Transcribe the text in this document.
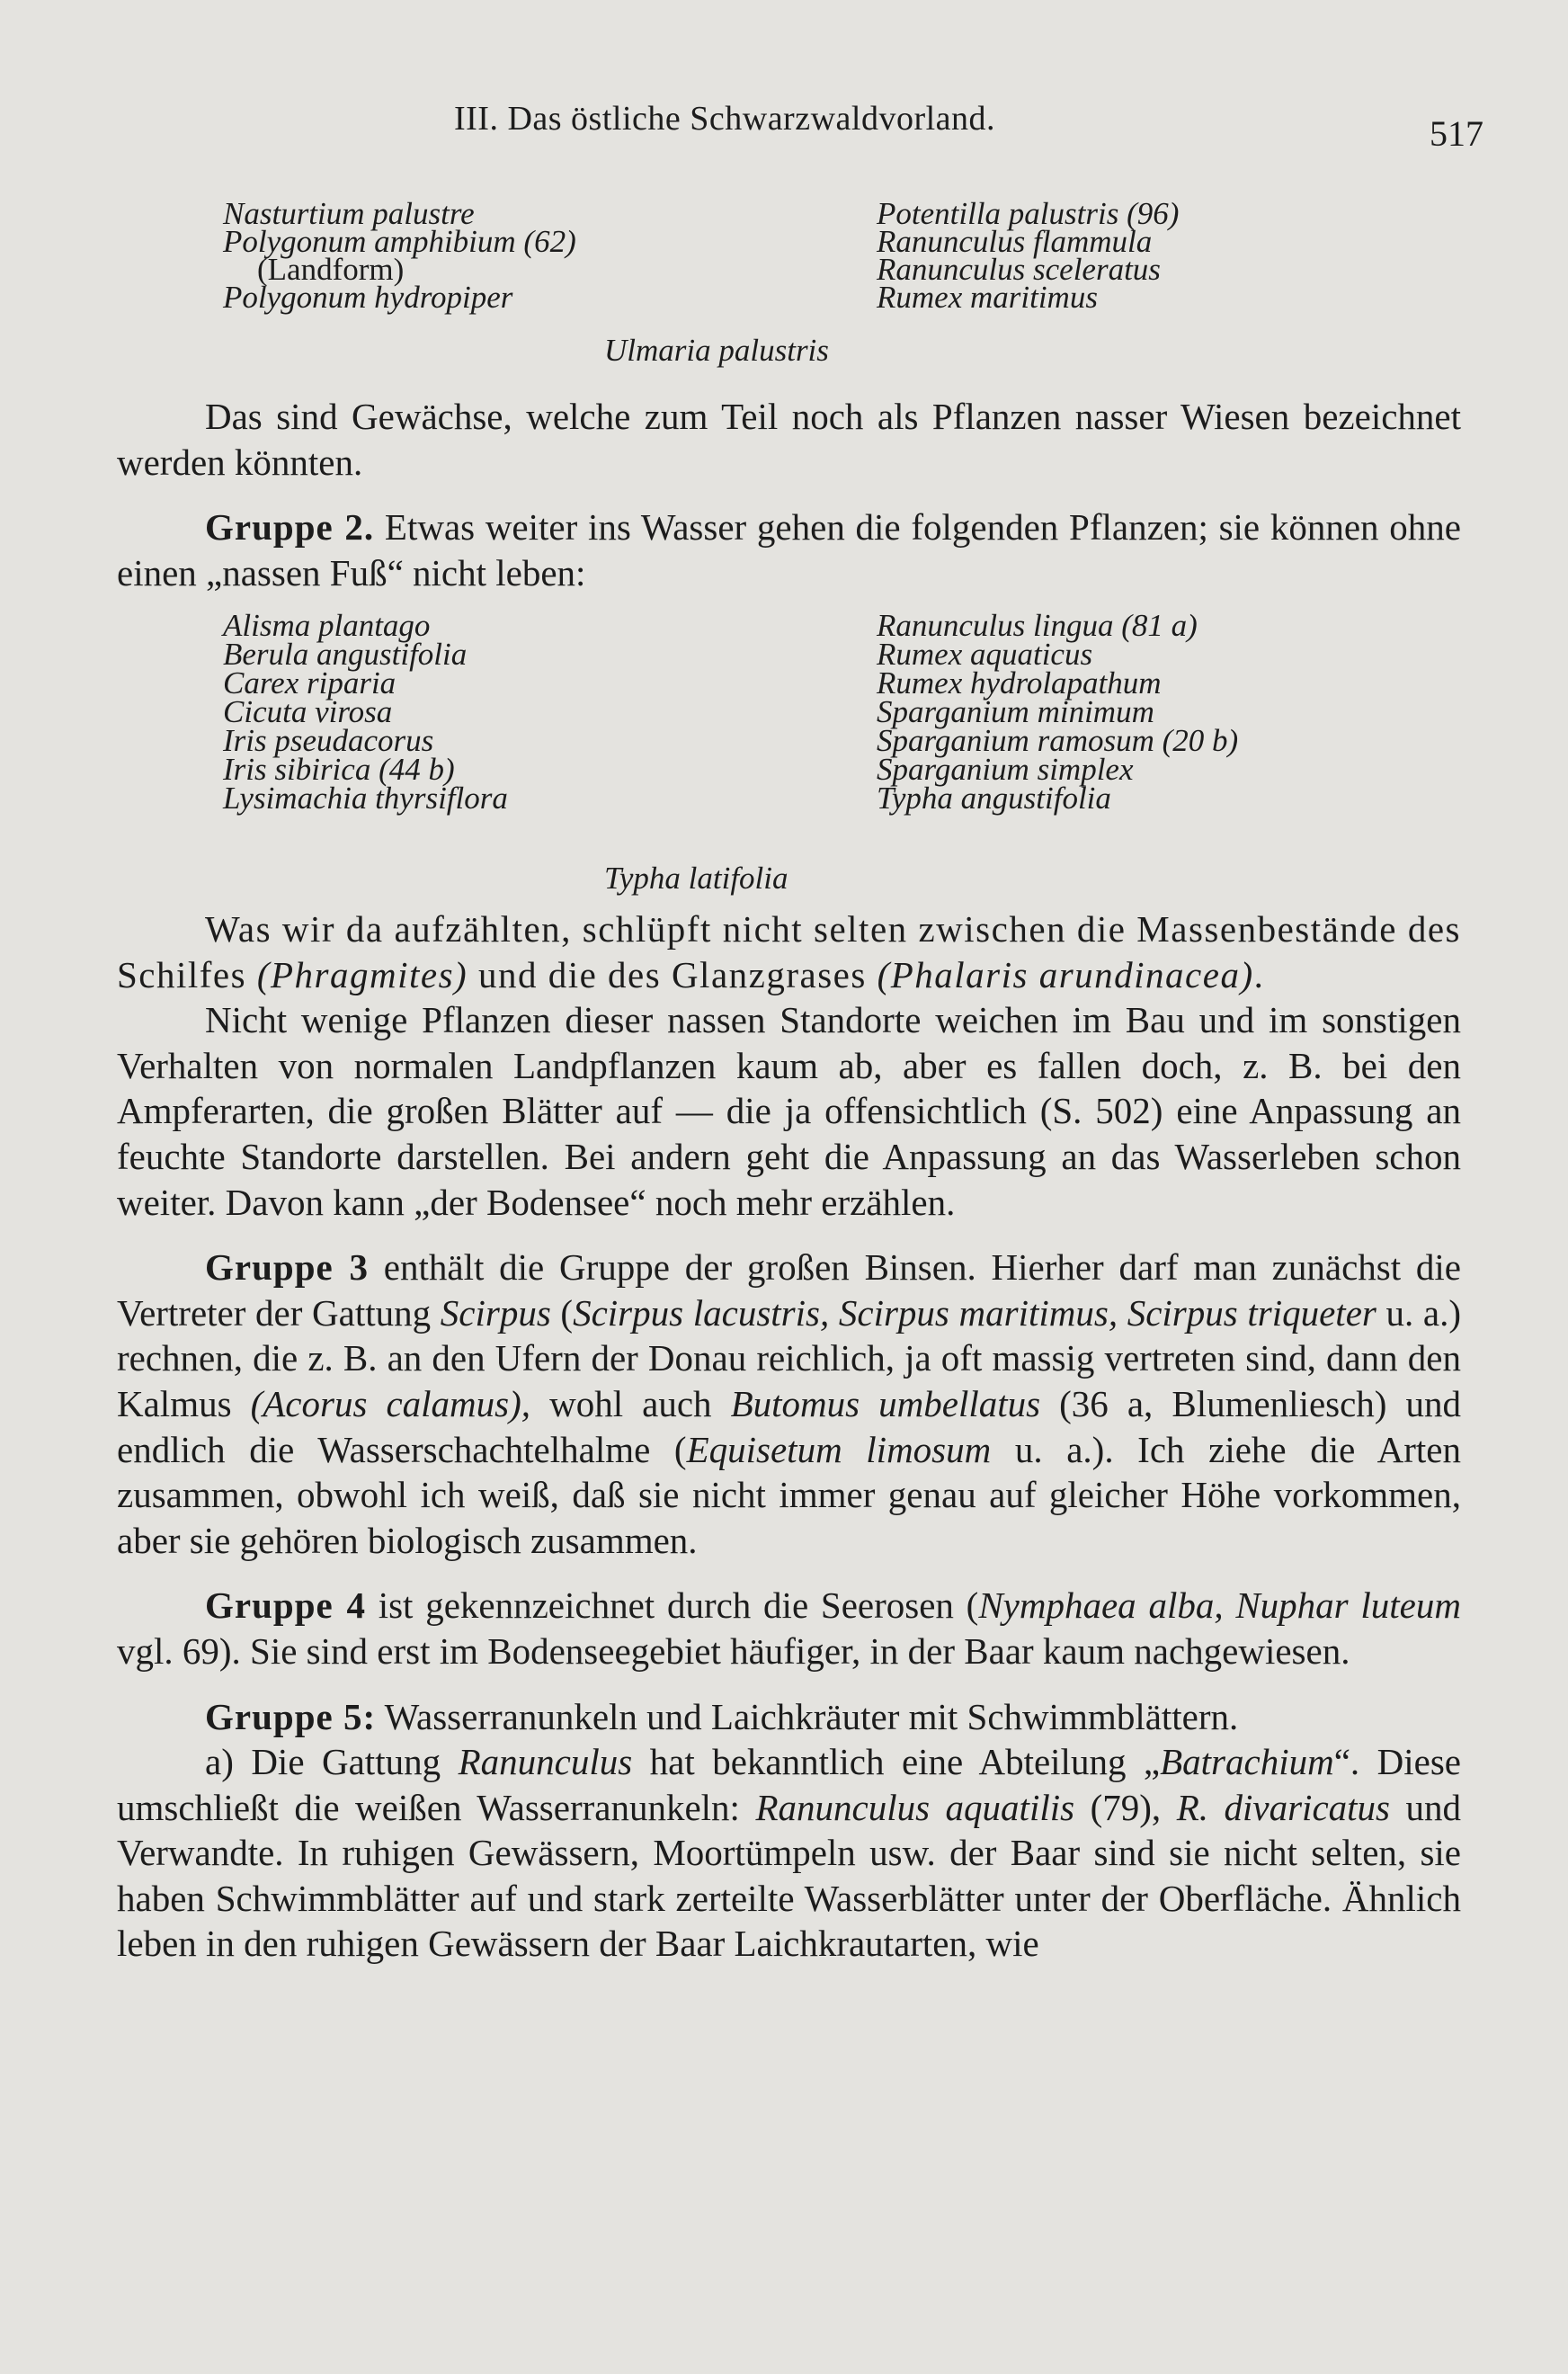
III. Das östliche Schwarzwaldvorland.	517
Nasturtium palustre
Polygonum amphibium (62)
(Landform)
Polygonum hydropiper
Potentilla palustris (96)
Ranunculus flammula
Ranunculus sceleratus
Rumex maritimus
Ulmaria palustris

Das sind Gewächse, welche zum Teil noch als Pflanzen nasser Wiesen bezeichnet werden könnten.

Gruppe 2. Etwas weiter ins Wasser gehen die folgenden Pflanzen; sie können ohne einen „nassen Fuß“ nicht leben:

Alisma plantago
Berula angustifolia
Carex riparia
Cicuta virosa
Iris pseudacorus
Iris sibirica (44 b)
Lysimachia thyrsiflora
Ranunculus lingua (81 a)
Rumex aquaticus
Rumex hydrolapathum
Sparganium minimum
Sparganium ramosum (20 b)
Sparganium simplex
Typha angustifolia
Typha latifolia

Was wir da aufzählten, schlüpft nicht selten zwischen die Massenbestände des Schilfes (Phragmites) und die des Glanzgrases (Phalaris arundinacea).

Nicht wenige Pflanzen dieser nassen Standorte weichen im Bau und im sonstigen Verhalten von normalen Landpflanzen kaum ab, aber es fallen doch, z. B. bei den Ampferarten, die großen Blätter auf — die ja offensichtlich (S. 502) eine Anpassung an feuchte Standorte darstellen. Bei andern geht die Anpassung an das Wasserleben schon weiter. Davon kann „der Bodensee“ noch mehr erzählen.

Gruppe 3 enthält die Gruppe der großen Binsen. Hierher darf man zunächst die Vertreter der Gattung Scirpus (Scirpus lacustris, Scirpus maritimus, Scirpus triqueter u. a.) rechnen, die z. B. an den Ufern der Donau reichlich, ja oft massig vertreten sind, dann den Kalmus (Acorus calamus), wohl auch Butomus umbellatus (36 a, Blumenliesch) und endlich die Wasserschachtelhalme (Equisetum limosum u. a.). Ich ziehe die Arten zusammen, obwohl ich weiß, daß sie nicht immer genau auf gleicher Höhe vorkommen, aber sie gehören biologisch zusammen.

Gruppe 4 ist gekennzeichnet durch die Seerosen (Nymphaea alba, Nuphar luteum vgl. 69). Sie sind erst im Bodenseegebiet häufiger, in der Baar kaum nachgewiesen.

Gruppe 5: Wasserranunkeln und Laichkräuter mit Schwimmblättern.

a) Die Gattung Ranunculus hat bekanntlich eine Abteilung „Batrachium“. Diese umschließt die weißen Wasserranunkeln: Ranunculus aquatilis (79), R. divaricatus und Verwandte. In ruhigen Gewässern, Moortümpeln usw. der Baar sind sie nicht selten, sie haben Schwimmblätter auf und stark zerteilte Wasserblätter unter der Oberfläche. Ähnlich leben in den ruhigen Gewässern der Baar Laichkrautarten, wie
